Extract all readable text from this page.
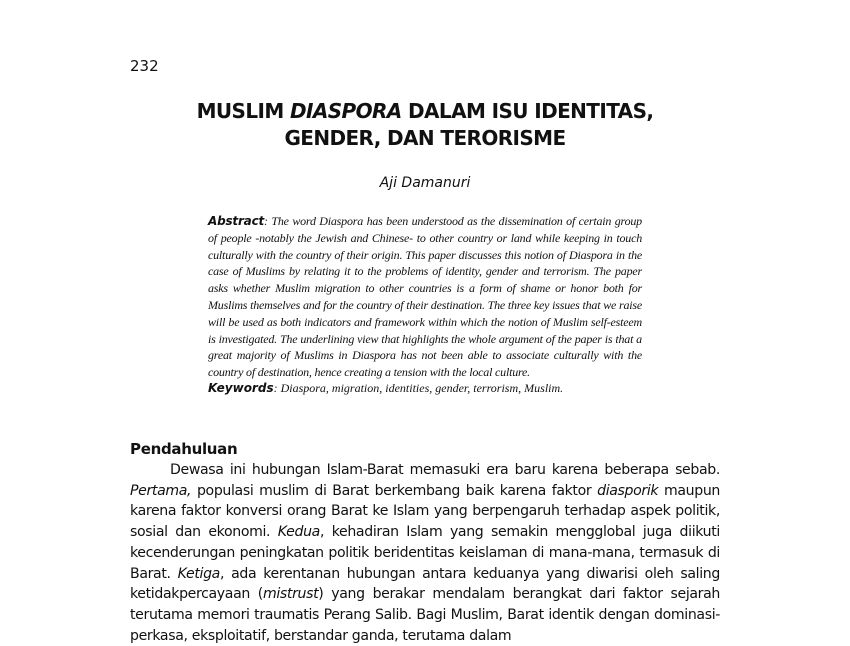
232
MUSLIM DIASPORA DALAM ISU IDENTITAS,
GENDER, DAN TERORISME
Aji Damanuri
Abstract: The word Diaspora has been understood as the dissemination of certain group of people -notably the Jewish and Chinese- to other country or land while keeping in touch culturally with the country of their origin. This paper discusses this notion of Diaspora in the case of Muslims by relating it to the problems of identity, gender and terrorism. The paper asks whether Muslim migration to other countries is a form of shame or honor both for Muslims themselves and for the country of their destination. The three key issues that we raise will be used as both indicators and framework within which the notion of Muslim self-esteem is investigated. The underlining view that highlights the whole argument of the paper is that a great majority of Muslims in Diaspora has not been able to associate culturally with the country of destination, hence creating a tension with the local culture.
Keywords: Diaspora, migration, identities, gender, terrorism, Muslim.
Pendahuluan
Dewasa ini hubungan Islam-Barat memasuki era baru karena beberapa sebab. Pertama, populasi muslim di Barat berkembang baik karena faktor diasporik maupun karena faktor konversi orang Barat ke Islam yang berpengaruh terhadap aspek politik, sosial dan ekonomi. Kedua, kehadiran Islam yang semakin mengglobal juga diikuti kecenderungan peningkatan politik beridentitas keislaman di mana-mana, termasuk di Barat. Ketiga, ada kerentanan hubungan antara keduanya yang diwarisi oleh saling ketidakpercayaan (mistrust) yang berakar mendalam berangkat dari faktor sejarah terutama memori traumatis Perang Salib. Bagi Muslim, Barat identik dengan dominasi-perkasa, eksploitatif, berstandar ganda, terutama dalam
